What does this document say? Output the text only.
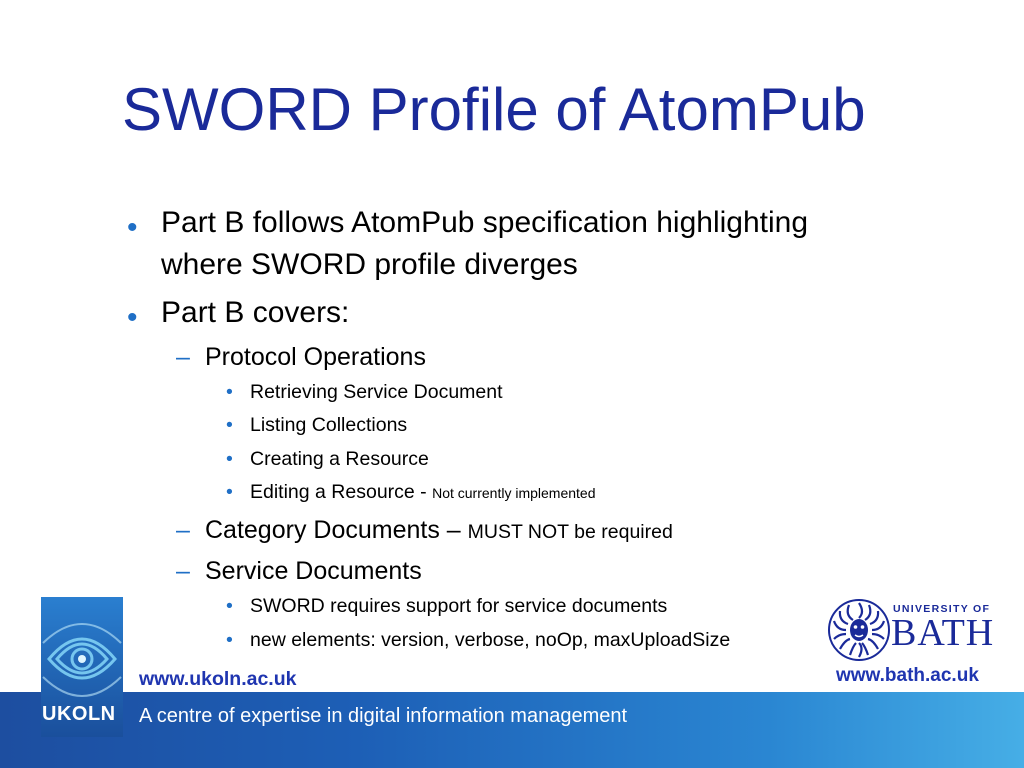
SWORD Profile of AtomPub
• Part B follows AtomPub specification highlighting
where SWORD profile diverges
• Part B covers:
– Protocol Operations
• Retrieving Service Document
• Listing Collections
• Creating a Resource
• Editing a Resource - Not currently implemented
– Category Documents – MUST NOT be required
– Service Documents
• SWORD requires support for service documents
• new elements: version, verbose, noOp, maxUploadSize
UKOLN
www.ukoln.ac.uk
A centre of expertise in digital information management
UNIVERSITY OF
BATH
www.bath.ac.uk
